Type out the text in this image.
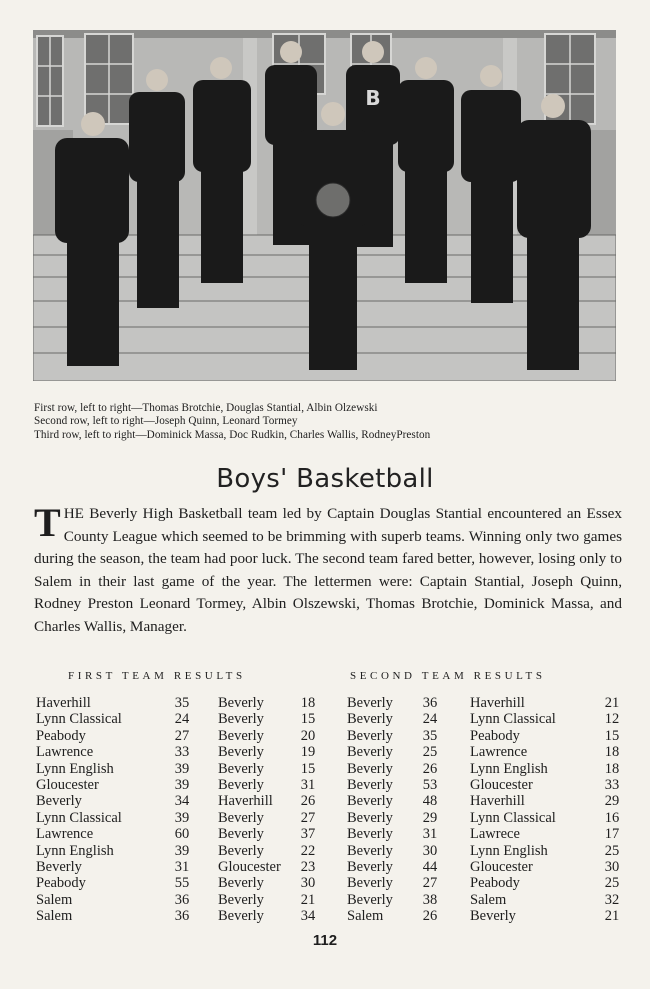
B
First row, left to right—Thomas Brotchie, Douglas Stantial, Albin Olzewski
Second row, left to right—Joseph Quinn, Leonard Tormey
Third row, left to right—Dominick Massa, Doc Rudkin, Charles Wallis, RodneyPreston
Boys' Basketball
THE Beverly High Basketball team led by Captain Douglas Stantial encountered an Essex County League which seemed to be brimming with superb teams. Winning only two games during the season, the team had poor luck. The second team fared better, however, losing only to Salem in their last game of the year. The lettermen were: Captain Stantial, Joseph Quinn, Rodney Preston Leonard Tormey, Albin Olszewski, Thomas Brotchie, Dominick Massa, and Charles Wallis, Manager.
FIRST TEAM RESULTS	SECOND TEAM RESULTS
Haverhill
Lynn Classical
Peabody
Lawrence
Lynn English
Gloucester
Beverly
Lynn Classical
Lawrence
Lynn English
Beverly
Peabody
Salem
Salem
35
24
27
33
39
39
34
39
60
39
31
55
36
36
Beverly
Beverly
Beverly
Beverly
Beverly
Beverly
Haverhill
Beverly
Beverly
Beverly
Gloucester
Beverly
Beverly
Beverly
18
15
20
19
15
31
26
27
37
22
23
30
21
34
Beverly
Beverly
Beverly
Beverly
Beverly
Beverly
Beverly
Beverly
Beverly
Beverly
Beverly
Beverly
Beverly
Salem
36
24
35
25
26
53
48
29
31
30
44
27
38
26
Haverhill
Lynn Classical
Peabody
Lawrence
Lynn English
Gloucester
Haverhill
Lynn Classical
Lawrece
Lynn English
Gloucester
Peabody
Salem
Beverly
21
12
15
18
18
33
29
16
17
25
30
25
32
21
112
